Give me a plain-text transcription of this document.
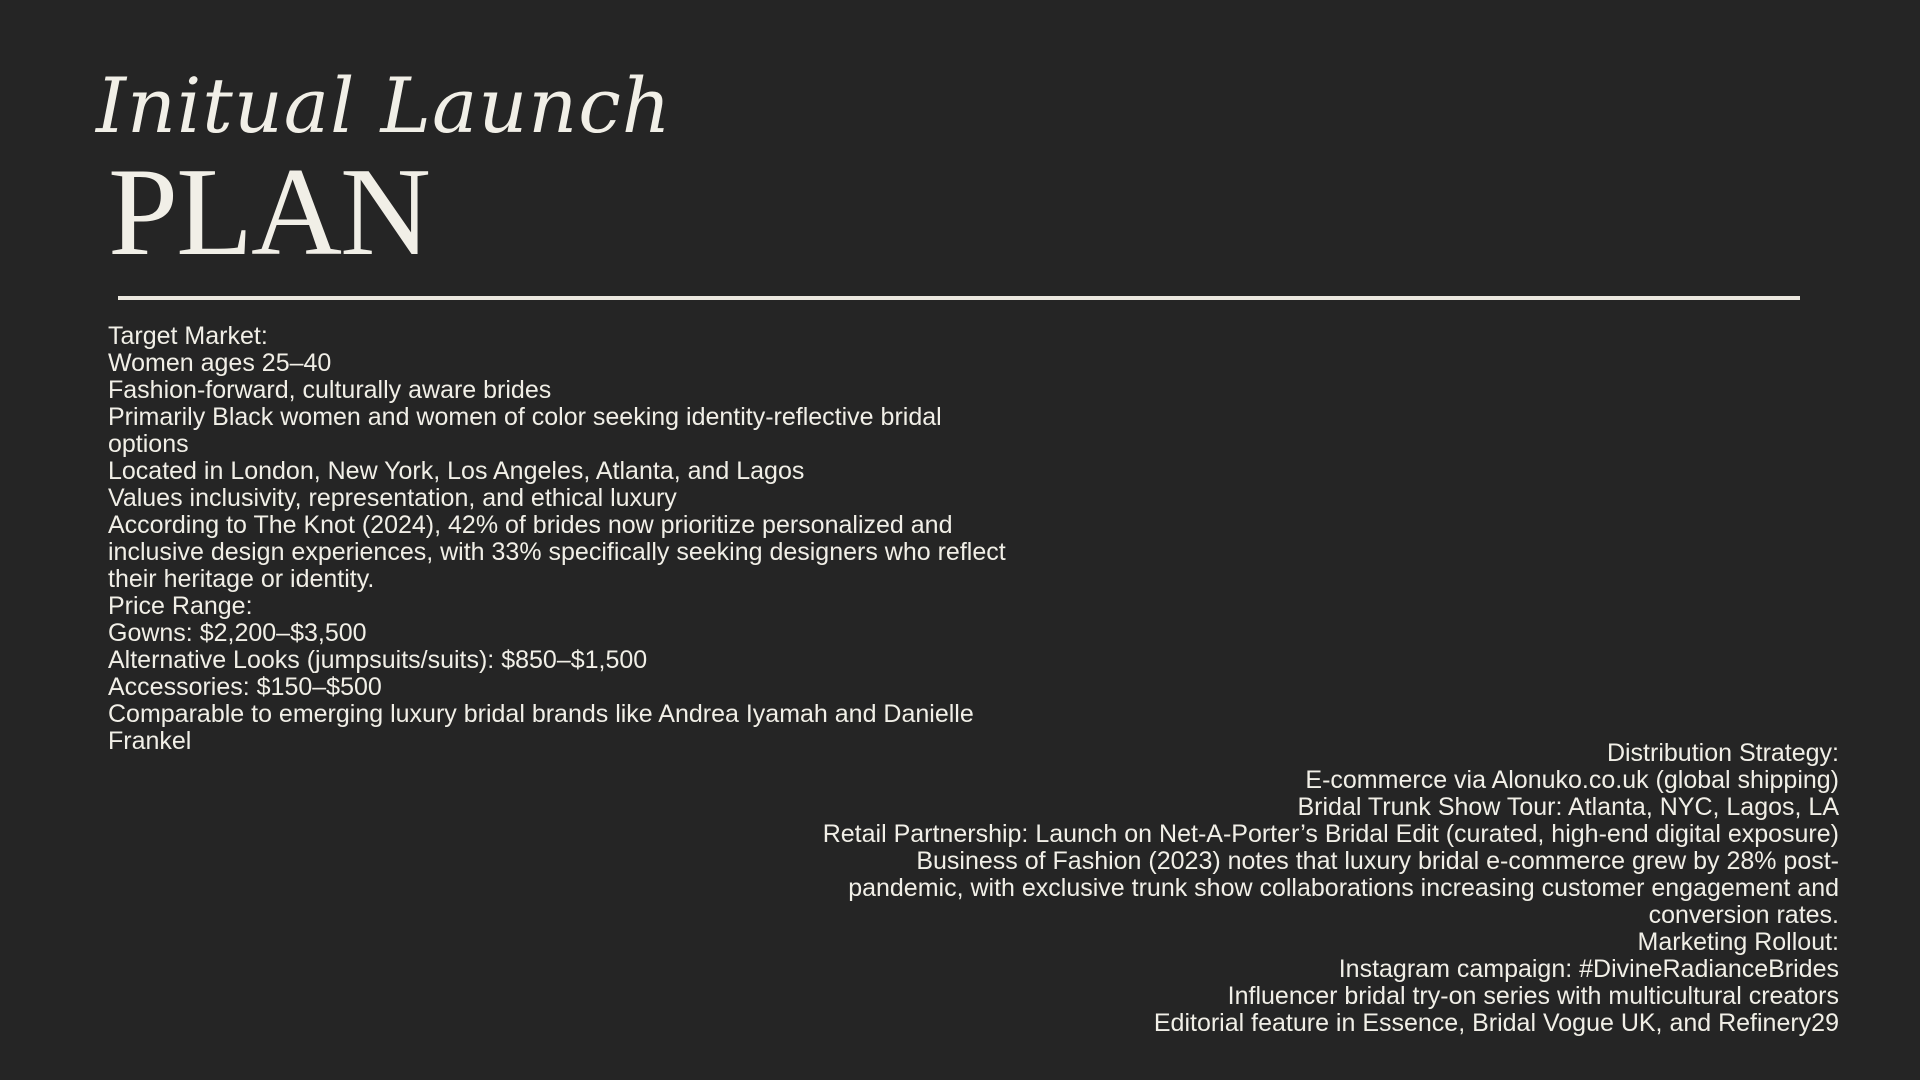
Initual Launch
PLAN
Target Market:
Women ages 25–40
Fashion-forward, culturally aware brides
Primarily Black women and women of color seeking identity-reflective bridal
options
Located in London, New York, Los Angeles, Atlanta, and Lagos
Values inclusivity, representation, and ethical luxury
According to The Knot (2024), 42% of brides now prioritize personalized and
inclusive design experiences, with 33% specifically seeking designers who reflect
their heritage or identity.
Price Range:
Gowns: $2,200–$3,500
Alternative Looks (jumpsuits/suits): $850–$1,500
Accessories: $150–$500
Comparable to emerging luxury bridal brands like Andrea Iyamah and Danielle
Frankel	Distribution Strategy:
E-commerce via Alonuko.co.uk (global shipping)
Bridal Trunk Show Tour: Atlanta, NYC, Lagos, LA
Retail Partnership: Launch on Net-A-Porter’s Bridal Edit (curated, high-end digital exposure)
Business of Fashion (2023) notes that luxury bridal e-commerce grew by 28% post-
pandemic, with exclusive trunk show collaborations increasing customer engagement and
conversion rates.
Marketing Rollout:
Instagram campaign: #DivineRadianceBrides
Influencer bridal try-on series with multicultural creators
Editorial feature in Essence, Bridal Vogue UK, and Refinery29
